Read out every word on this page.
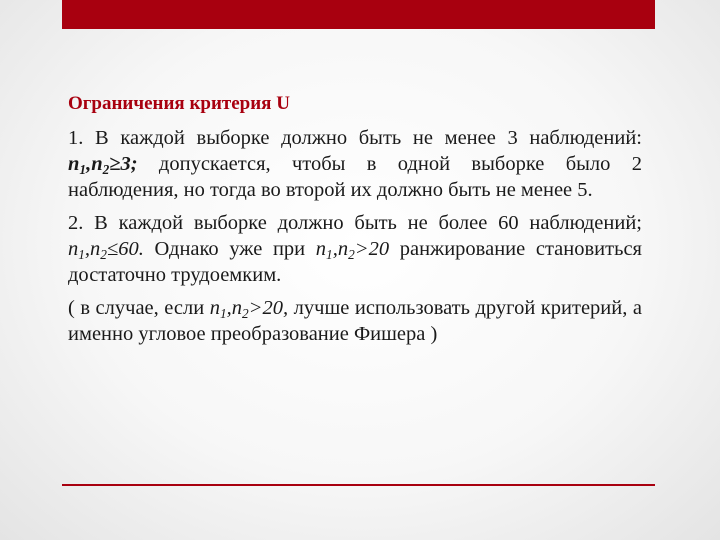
Ограничения критерия U

1. В каждой выборке должно быть не менее 3 наблюдений: $n_1,n_2\ge 3$; допускается, чтобы в одной выборке было 2 наблюдения, но тогда во второй их должно быть не менее 5.

2. В каждой выборке должно быть не более 60 наблюдений; $n_1,n_2\le 60$. Однако уже при $n_1,n_2>20$ ранжирование становиться достаточно трудоемким.

( в случае, если $n_1,n_2>20$, лучше использовать другой критерий, а именно угловое преобразование Фишера )
